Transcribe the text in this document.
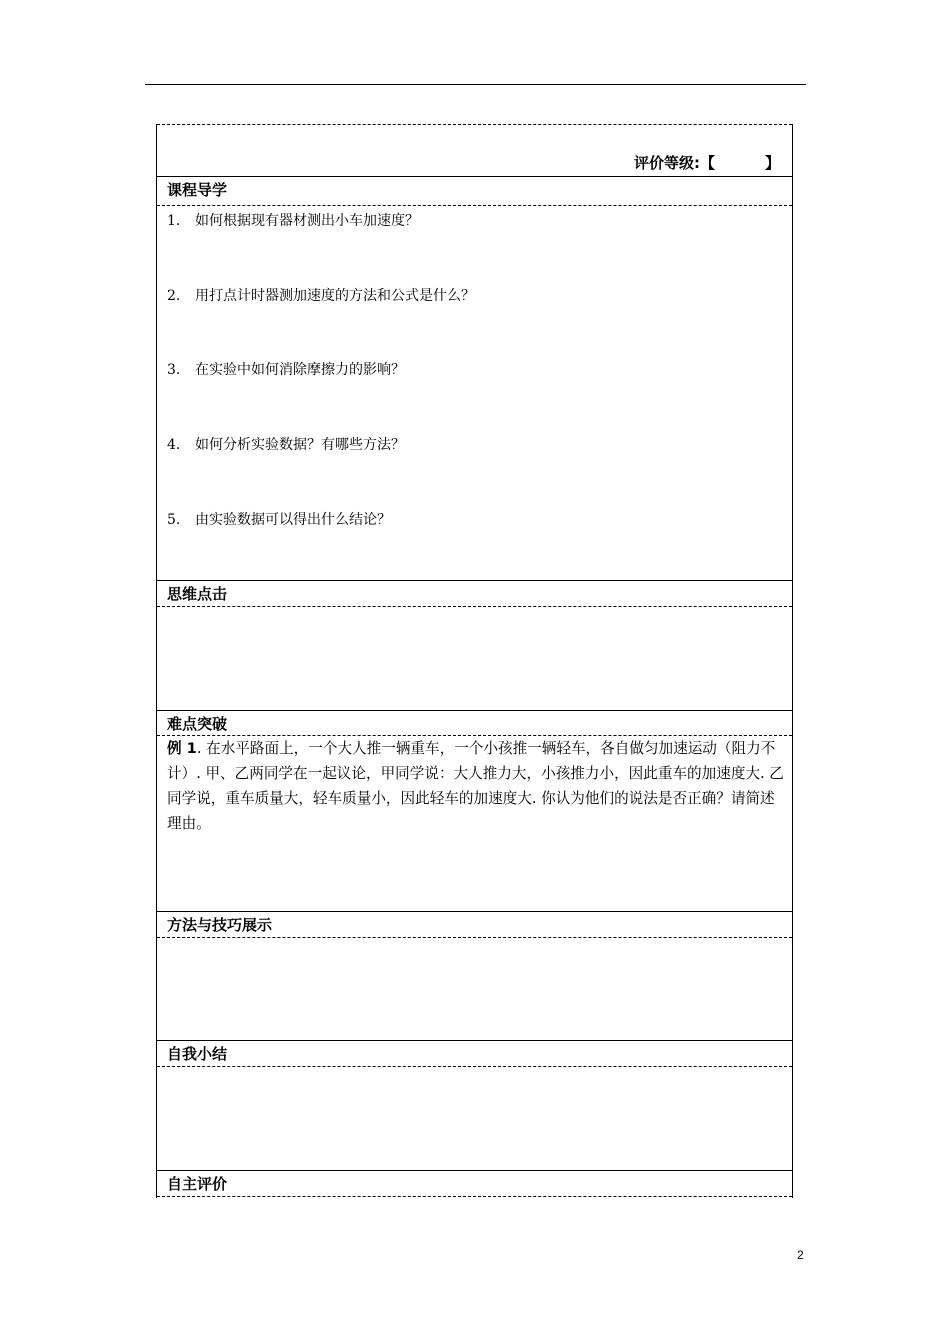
评价等级:【	】
课程导学
1. 如何根据现有器材测出小车加速度？
2. 用打点计时器测加速度的方法和公式是什么？
3. 在实验中如何消除摩擦力的影响？
4. 如何分析实验数据？有哪些方法？
5. 由实验数据可以得出什么结论？
思维点击
难点突破
例 1. 在水平路面上，一个大人推一辆重车，一个小孩推一辆轻车，各自做匀加速运动（阻力不计）. 甲、乙两同学在一起议论，甲同学说：大人推力大，小孩推力小，因此重车的加速度大. 乙同学说，重车质量大，轻车质量小，因此轻车的加速度大. 你认为他们的说法是否正确？请简述理由。
方法与技巧展示
自我小结
自主评价
2
